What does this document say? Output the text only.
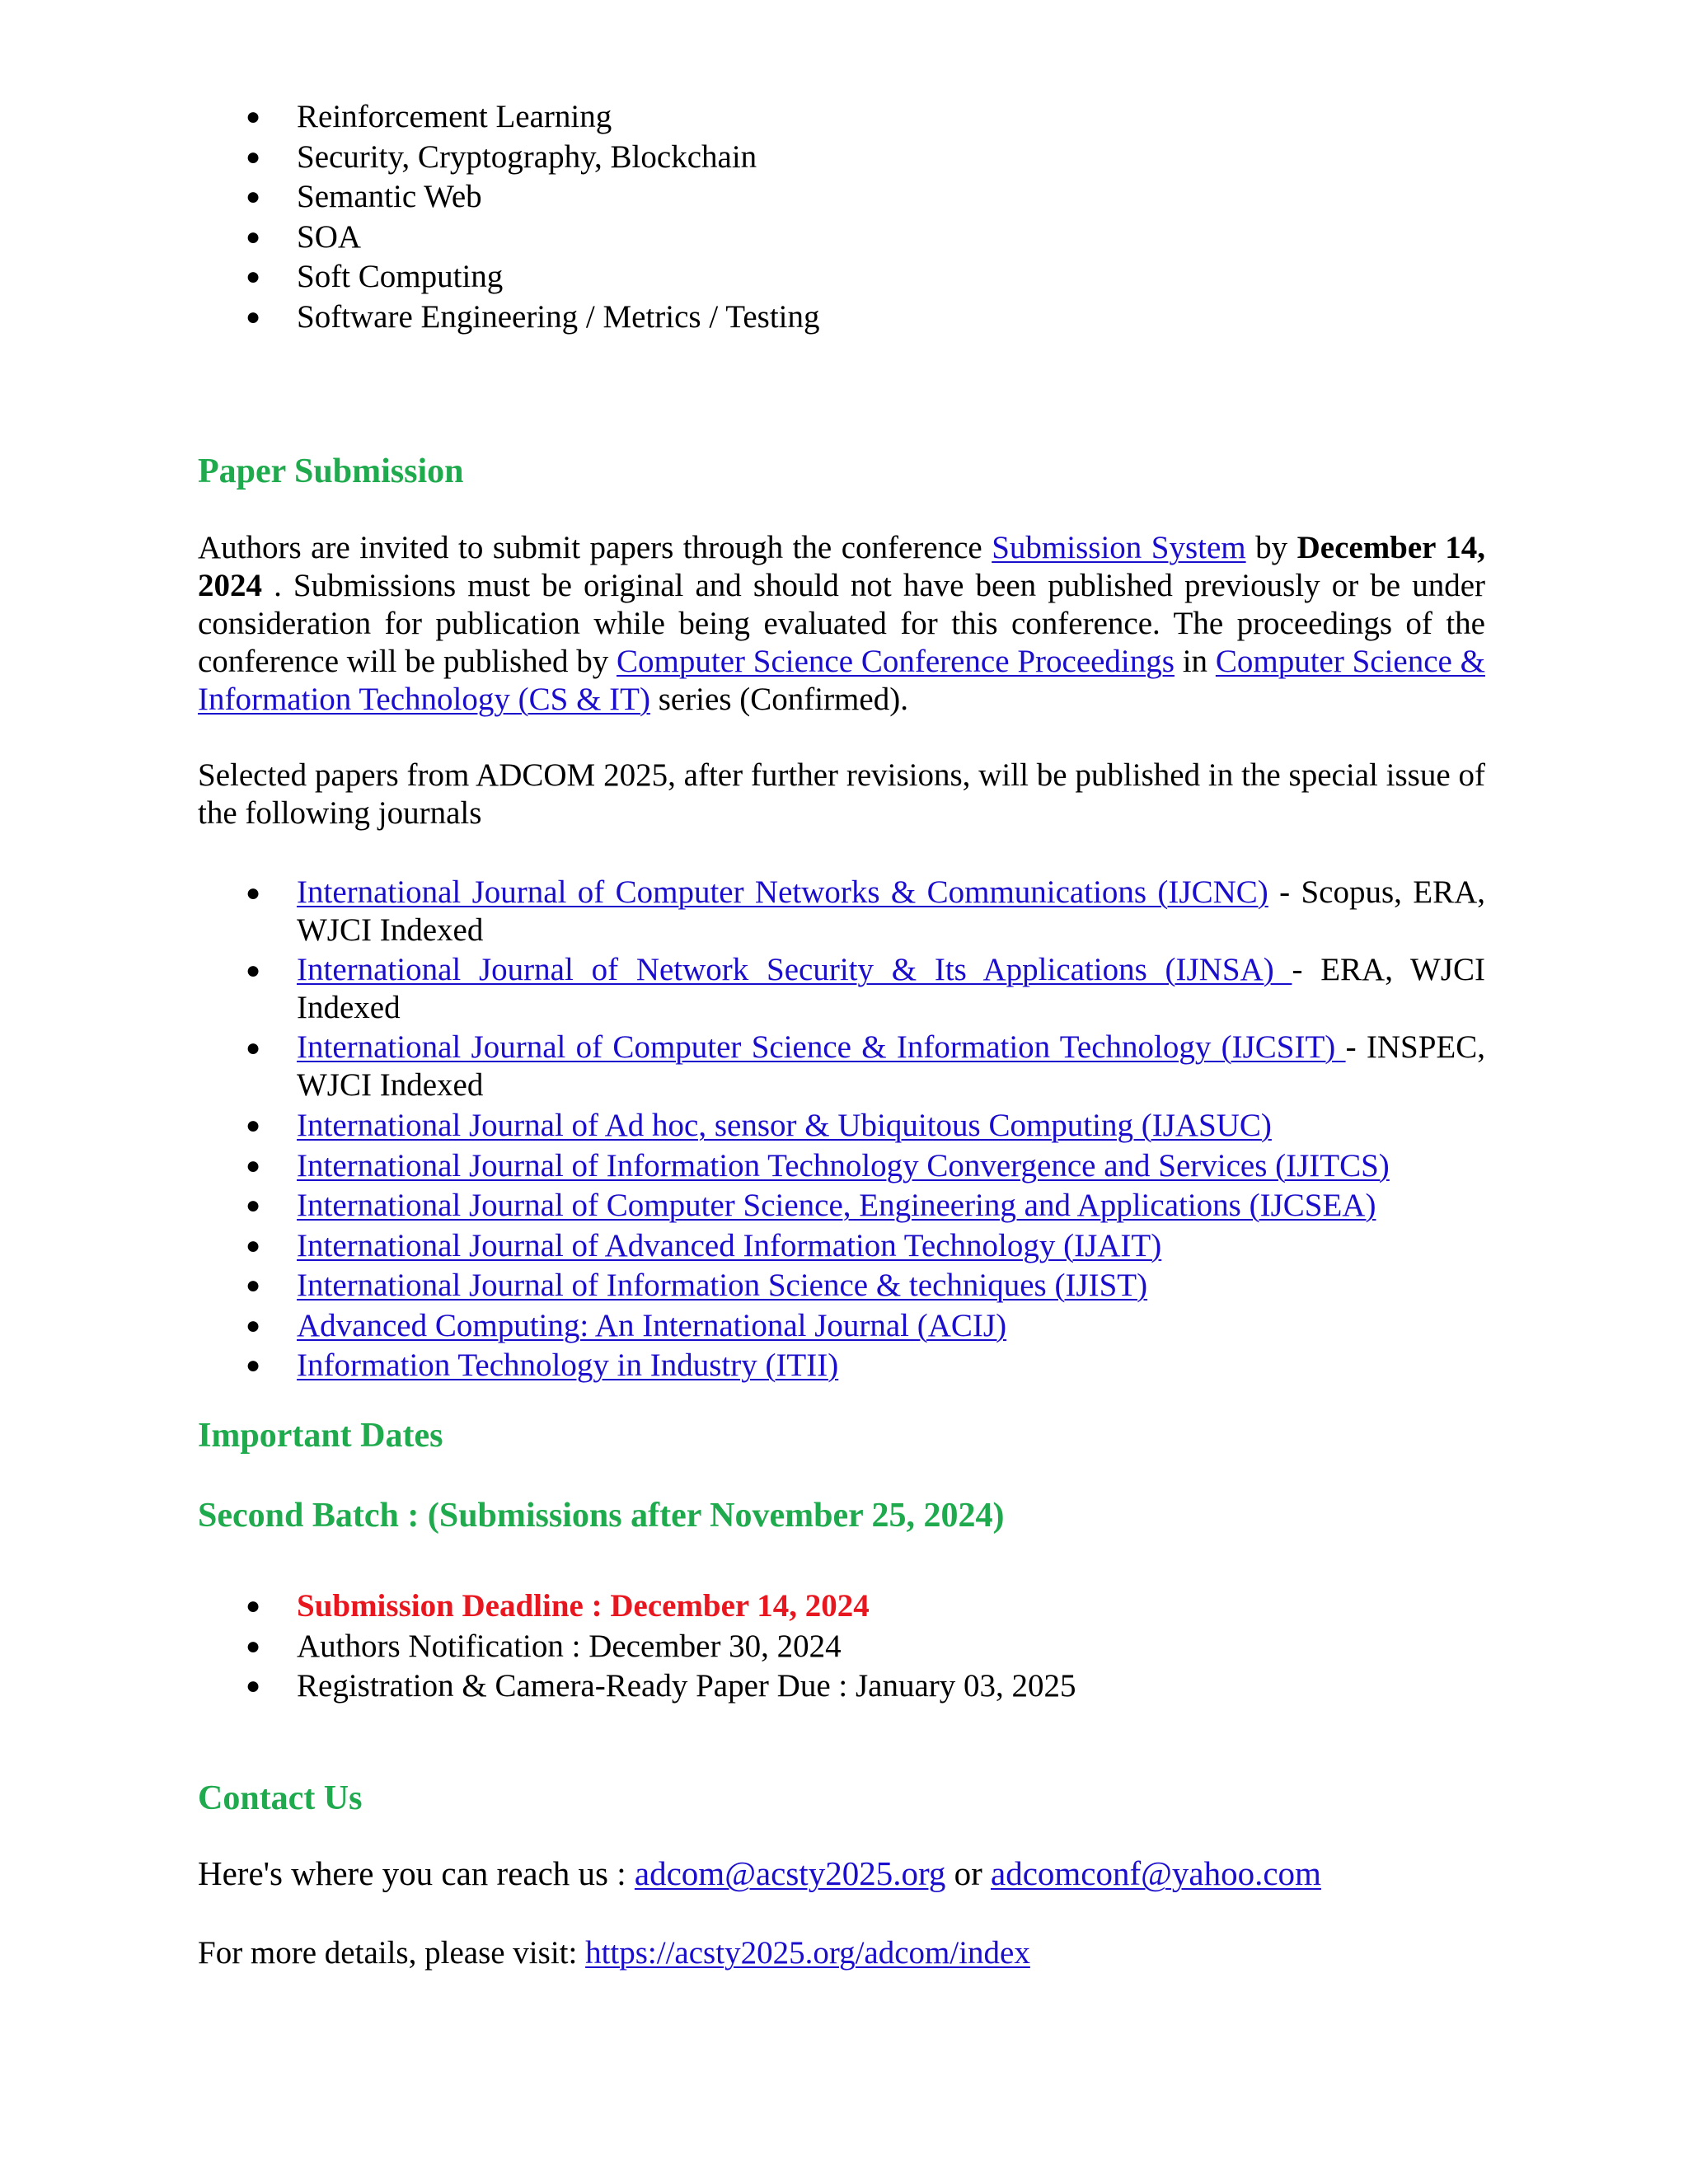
● Reinforcement Learning
● Security, Cryptography, Blockchain
● Semantic Web
● SOA
● Soft Computing
● Software Engineering / Metrics / Testing
Paper Submission

Authors are invited to submit papers through the conference Submission System by December 14, 2024 . Submissions must be original and should not have been published previously or be under consideration for publication while being evaluated for this conference. The proceedings of the conference will be published by Computer Science Conference Proceedings in Computer Science & Information Technology (CS & IT) series (Confirmed).

Selected papers from ADCOM 2025, after further revisions, will be published in the special issue of the following journals

● International Journal of Computer Networks & Communications (IJCNC) - Scopus, ERA, WJCI Indexed
● International Journal of Network Security & Its Applications (IJNSA) - ERA, WJCI Indexed
● International Journal of Computer Science & Information Technology (IJCSIT) - INSPEC, WJCI Indexed
● International Journal of Ad hoc, sensor & Ubiquitous Computing (IJASUC)
● International Journal of Information Technology Convergence and Services (IJITCS)
● International Journal of Computer Science, Engineering and Applications (IJCSEA)
● International Journal of Advanced Information Technology (IJAIT)
● International Journal of Information Science & techniques (IJIST)
● Advanced Computing: An International Journal (ACIJ)
● Information Technology in Industry (ITII)
Important Dates
Second Batch : (Submissions after November 25, 2024)
● Submission Deadline : December 14, 2024
● Authors Notification : December 30, 2024
● Registration & Camera-Ready Paper Due : January 03, 2025
Contact Us

Here's where you can reach us : adcom@acsty2025.org or adcomconf@yahoo.com

For more details, please visit: https://acsty2025.org/adcom/index
